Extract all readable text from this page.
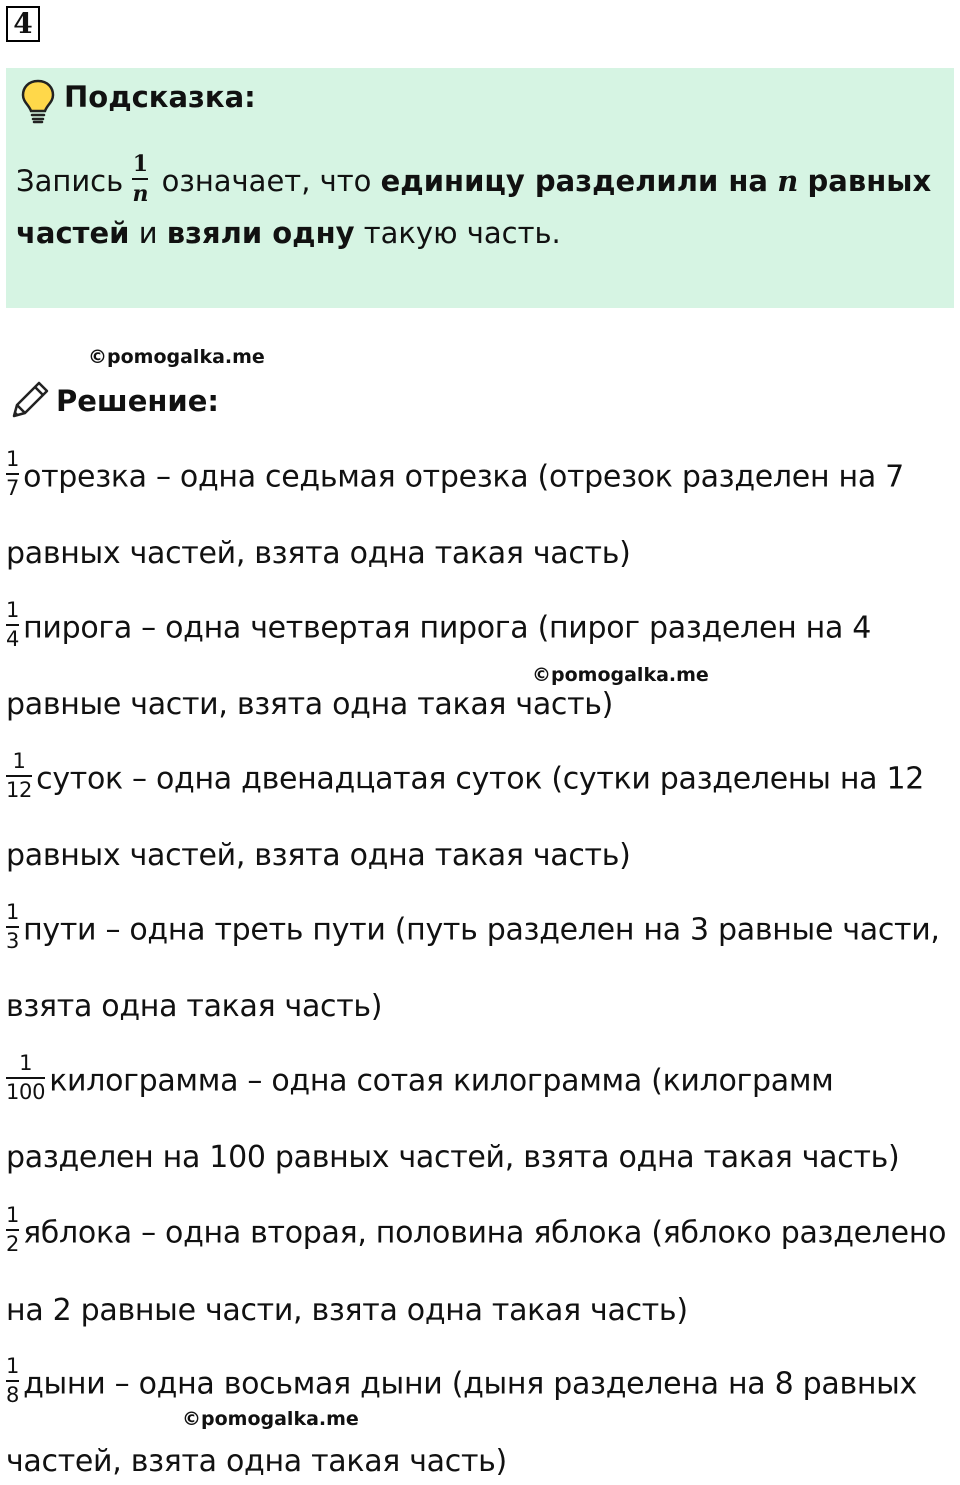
4
Подсказка:
Запись $\frac{1}{n}$ означает, что единицу разделили на n равных
частей и взяли одну такую часть.
©pomogalka.me
Решение:
$\frac{1}{7}$ отрезка – одна седьмая отрезка (отрезок разделен на 7
равных частей, взята одна такая часть)
$\frac{1}{4}$ пирога – одна четвертая пирога (пирог разделен на 4
©pomogalka.me
равные части, взята одна такая часть)
$\frac{1}{12}$ суток – одна двенадцатая суток (сутки разделены на 12
равных частей, взята одна такая часть)
$\frac{1}{3}$ пути – одна треть пути (путь разделен на 3 равные части,
взята одна такая часть)
$\frac{1}{100}$ килограмма – одна сотая килограмма (килограмм
разделен на 100 равных частей, взята одна такая часть)
$\frac{1}{2}$ яблока – одна вторая, половина яблока (яблоко разделено
на 2 равные части, взята одна такая часть)
$\frac{1}{8}$ дыни – одна восьмая дыни (дыня разделена на 8 равных
©pomogalka.me
частей, взята одна такая часть)
